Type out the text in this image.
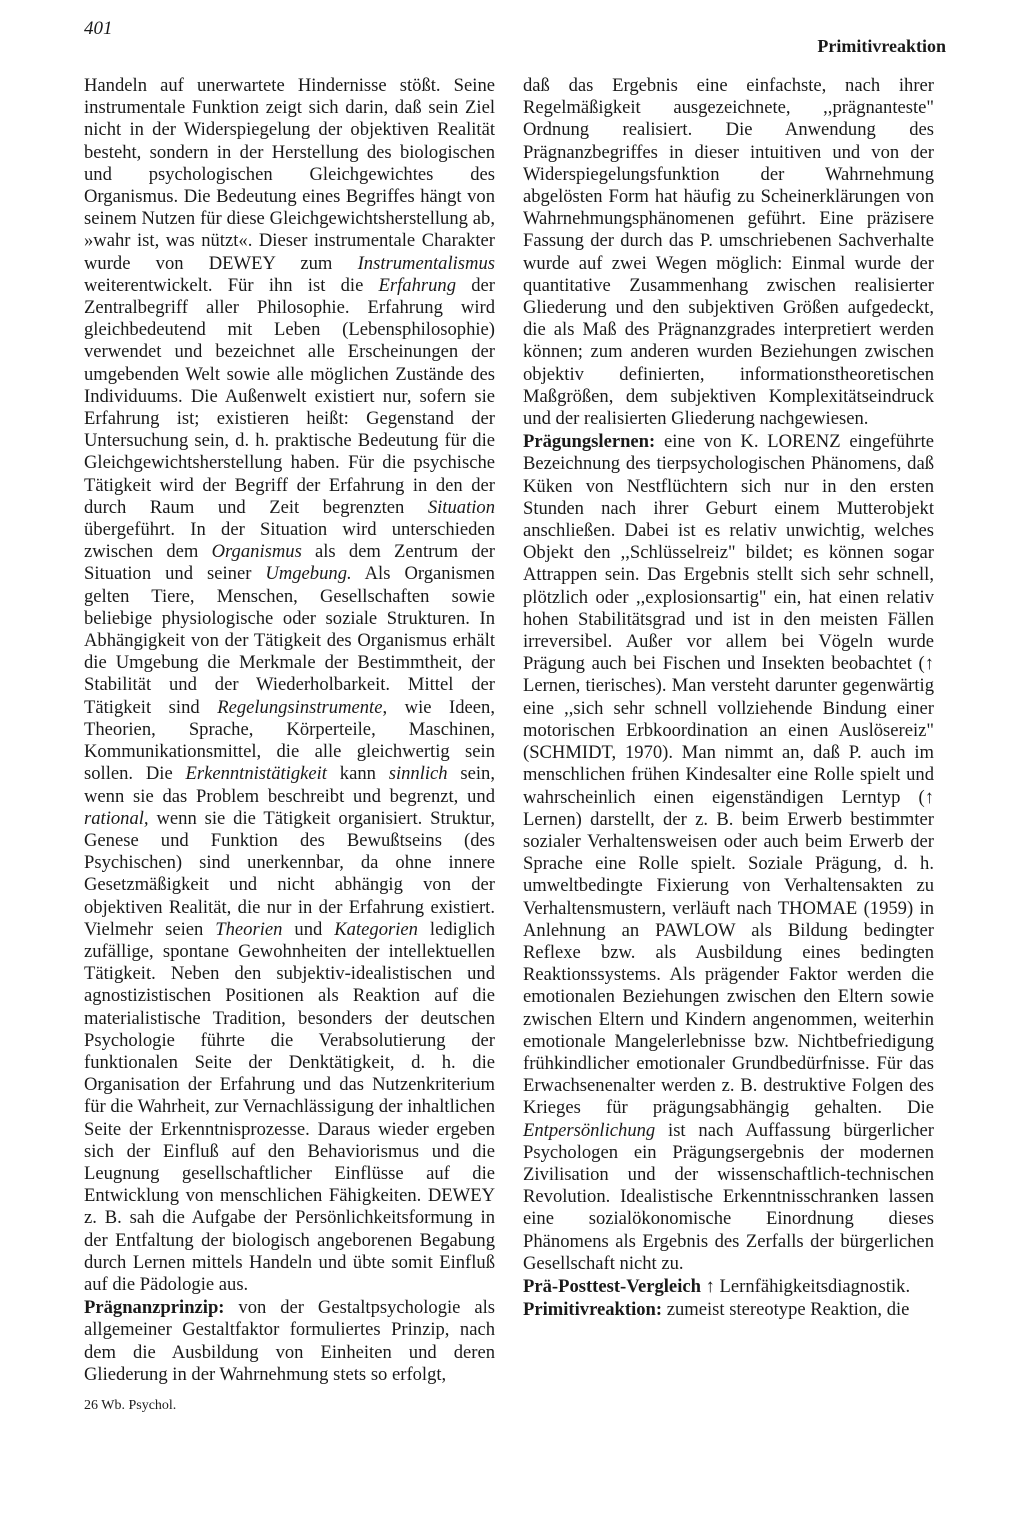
401
Primitivreaktion

Handeln auf unerwartete Hindernisse stößt. Seine instrumentale Funktion zeigt sich darin, daß sein Ziel nicht in der Widerspiegelung der objektiven Realität besteht, sondern in der Herstellung des biologischen und psychologischen Gleichgewichtes des Organismus. Die Bedeutung eines Begriffes hängt von seinem Nutzen für diese Gleichgewichtsherstellung ab, »wahr ist, was nützt«. Dieser instrumentale Charakter wurde von DEWEY zum Instrumentalismus weiterentwickelt. Für ihn ist die Erfahrung der Zentralbegriff aller Philosophie. Erfahrung wird gleichbedeutend mit Leben (Lebensphilosophie) verwendet und bezeichnet alle Erscheinungen der umgebenden Welt sowie alle möglichen Zustände des Individuums. Die Außenwelt existiert nur, sofern sie Erfahrung ist; existieren heißt: Gegenstand der Untersuchung sein, d. h. praktische Bedeutung für die Gleichgewichtsherstellung haben. Für die psychische Tätigkeit wird der Begriff der Erfahrung in den der durch Raum und Zeit begrenzten Situation übergeführt. In der Situation wird unterschieden zwischen dem Organismus als dem Zentrum der Situation und seiner Umgebung. Als Organismen gelten Tiere, Menschen, Gesellschaften sowie beliebige physiologische oder soziale Strukturen. In Abhängigkeit von der Tätigkeit des Organismus erhält die Umgebung die Merkmale der Bestimmtheit, der Stabilität und der Wiederholbarkeit. Mittel der Tätigkeit sind Regelungsinstrumente, wie Ideen, Theorien, Sprache, Körperteile, Maschinen, Kommunikationsmittel, die alle gleichwertig sein sollen. Die Erkenntnistätigkeit kann sinnlich sein, wenn sie das Problem beschreibt und begrenzt, und rational, wenn sie die Tätigkeit organisiert. Struktur, Genese und Funktion des Bewußtseins (des Psychischen) sind unerkennbar, da ohne innere Gesetzmäßigkeit und nicht abhängig von der objektiven Realität, die nur in der Erfahrung existiert. Vielmehr seien Theorien und Kategorien lediglich zufällige, spontane Gewohnheiten der intellektuellen Tätigkeit. Neben den subjektiv-idealistischen und agnostizistischen Positionen als Reaktion auf die materialistische Tradition, besonders der deutschen Psychologie führte die Verabsolutierung der funktionalen Seite der Denktätigkeit, d. h. die Organisation der Erfahrung und das Nutzenkriterium für die Wahrheit, zur Vernachlässigung der inhaltlichen Seite der Erkenntnisprozesse. Daraus wieder ergeben sich der Einfluß auf den Behaviorismus und die Leugnung gesellschaftlicher Einflüsse auf die Entwicklung von menschlichen Fähigkeiten. DEWEY z. B. sah die Aufgabe der Persönlichkeitsformung in der Entfaltung der biologisch angeborenen Begabung durch Lernen mittels Handeln und übte somit Einfluß auf die Pädologie aus.

Prägnanzprinzip: von der Gestaltpsychologie als allgemeiner Gestaltfaktor formuliertes Prinzip, nach dem die Ausbildung von Einheiten und deren Gliederung in der Wahrnehmung stets so erfolgt,

daß das Ergebnis eine einfachste, nach ihrer Regelmäßigkeit ausgezeichnete, ,,prägnanteste" Ordnung realisiert. Die Anwendung des Prägnanzbegriffes in dieser intuitiven und von der Widerspiegelungsfunktion der Wahrnehmung abgelösten Form hat häufig zu Scheinerklärungen von Wahrnehmungsphänomenen geführt. Eine präzisere Fassung der durch das P. umschriebenen Sachverhalte wurde auf zwei Wegen möglich: Einmal wurde der quantitative Zusammenhang zwischen realisierter Gliederung und den subjektiven Größen aufgedeckt, die als Maß des Prägnanzgrades interpretiert werden können; zum anderen wurden Beziehungen zwischen objektiv definierten, informationstheoretischen Maßgrößen, dem subjektiven Komplexitätseindruck und der realisierten Gliederung nachgewiesen.

Prägungslernen: eine von K. LORENZ eingeführte Bezeichnung des tierpsychologischen Phänomens, daß Küken von Nestflüchtern sich nur in den ersten Stunden nach ihrer Geburt einem Mutterobjekt anschließen. Dabei ist es relativ unwichtig, welches Objekt den ,,Schlüsselreiz" bildet; es können sogar Attrappen sein. Das Ergebnis stellt sich sehr schnell, plötzlich oder ,,explosionsartig" ein, hat einen relativ hohen Stabilitätsgrad und ist in den meisten Fällen irreversibel. Außer vor allem bei Vögeln wurde Prägung auch bei Fischen und Insekten beobachtet (↑ Lernen, tierisches). Man versteht darunter gegenwärtig eine ,,sich sehr schnell vollziehende Bindung einer motorischen Erbkoordination an einen Auslösereiz" (SCHMIDT, 1970). Man nimmt an, daß P. auch im menschlichen frühen Kindesalter eine Rolle spielt und wahrscheinlich einen eigenständigen Lerntyp (↑ Lernen) darstellt, der z. B. beim Erwerb bestimmter sozialer Verhaltensweisen oder auch beim Erwerb der Sprache eine Rolle spielt. Soziale Prägung, d. h. umweltbedingte Fixierung von Verhaltensakten zu Verhaltensmustern, verläuft nach THOMAE (1959) in Anlehnung an PAWLOW als Bildung bedingter Reflexe bzw. als Ausbildung eines bedingten Reaktionssystems. Als prägender Faktor werden die emotionalen Beziehungen zwischen den Eltern sowie zwischen Eltern und Kindern angenommen, weiterhin emotionale Mangelerlebnisse bzw. Nichtbefriedigung frühkindlicher emotionaler Grundbedürfnisse. Für das Erwachsenenalter werden z. B. destruktive Folgen des Krieges für prägungsabhängig gehalten. Die Entpersönlichung ist nach Auffassung bürgerlicher Psychologen ein Prägungsergebnis der modernen Zivilisation und der wissenschaftlich-technischen Revolution. Idealistische Erkenntnisschranken lassen eine sozialökonomische Einordnung dieses Phänomens als Ergebnis des Zerfalls der bürgerlichen Gesellschaft nicht zu.

Prä-Posttest-Vergleich ↑ Lernfähigkeitsdiagnostik.

Primitivreaktion: zumeist stereotype Reaktion, die

26 Wb. Psychol.
